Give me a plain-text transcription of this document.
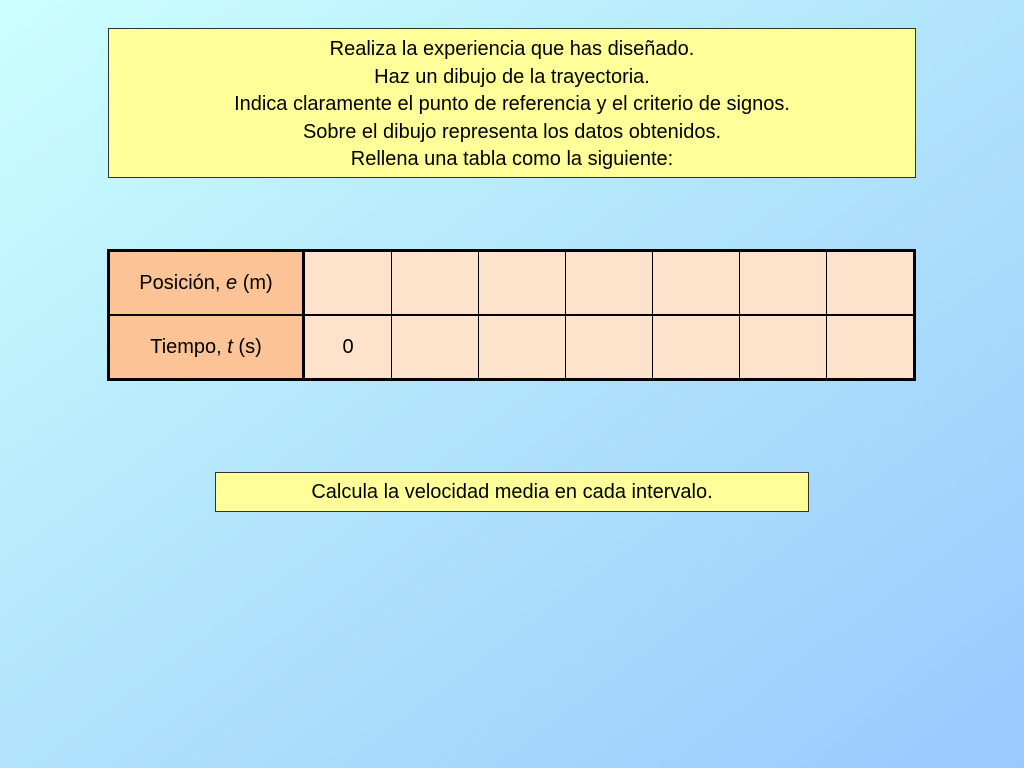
Realiza la experiencia que has diseñado.
Haz un dibujo de la trayectoria.
Indica claramente el punto de referencia y el criterio de signos.
Sobre el dibujo representa los datos obtenidos.
Rellena una tabla como la siguiente:
Posición, e (m)							
Tiempo, t (s)	0						
Calcula la velocidad media en cada intervalo.
